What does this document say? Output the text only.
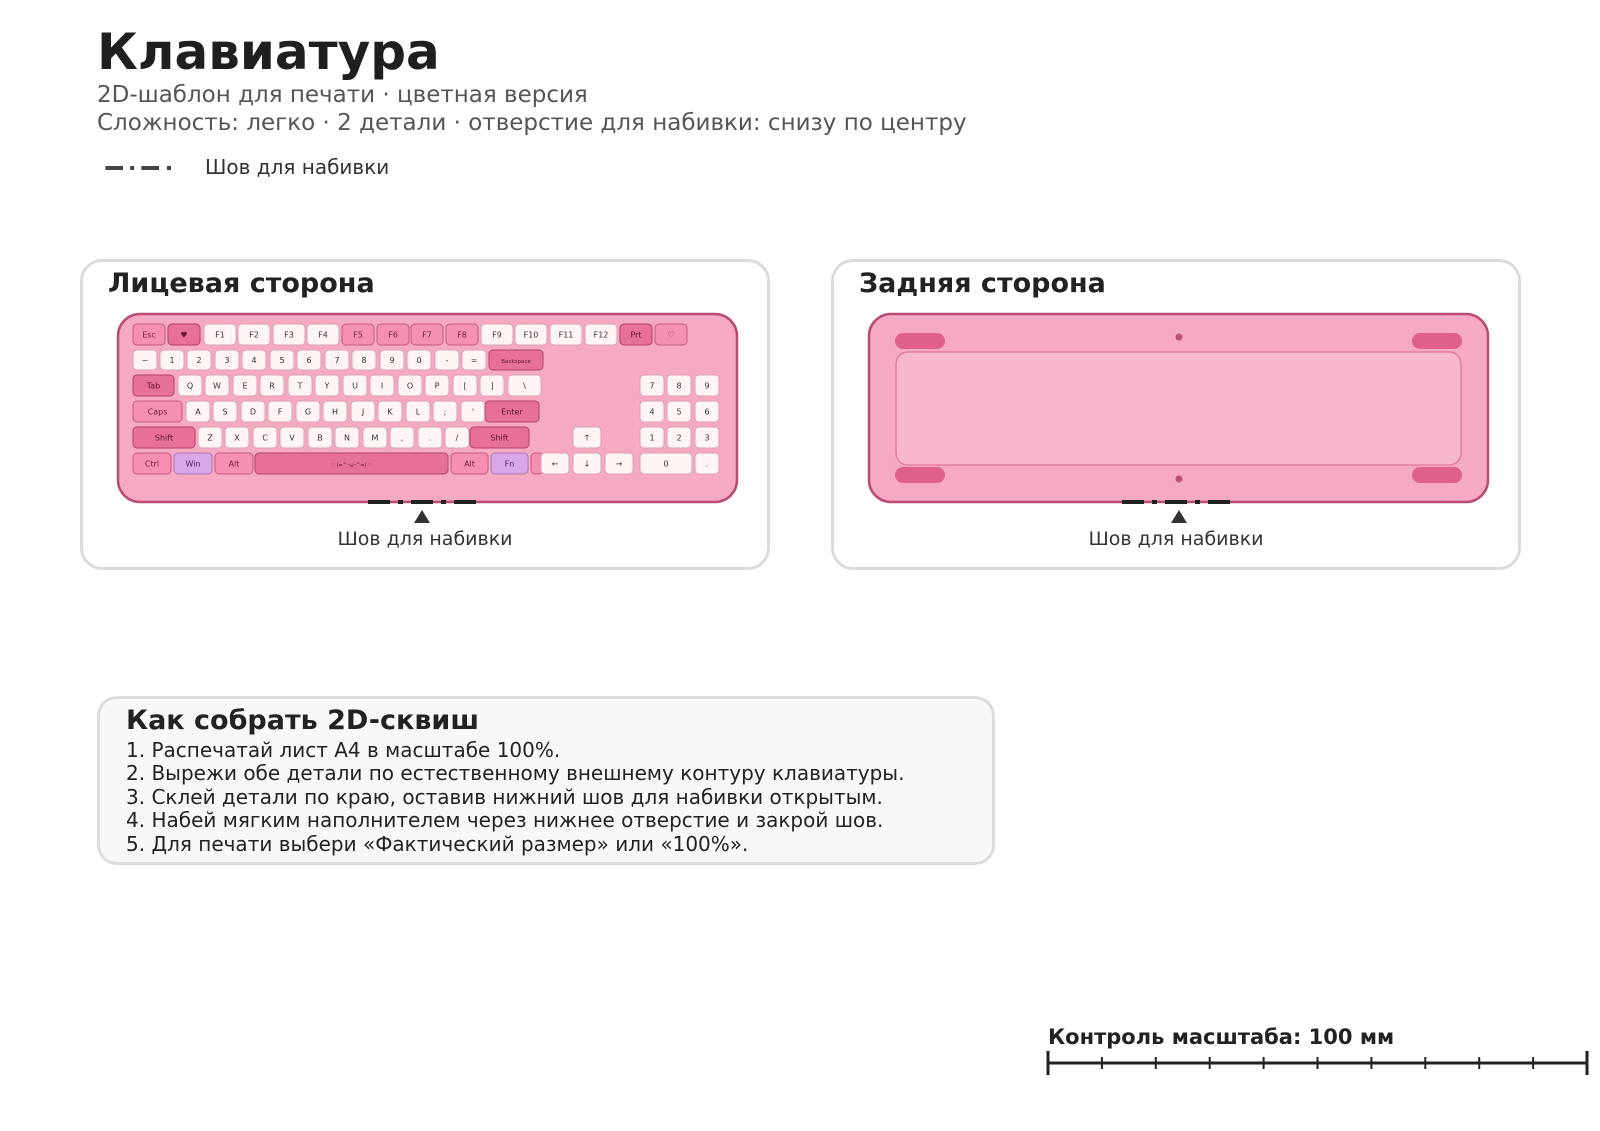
Клавиатура
2D-шаблон для печати · цветная версия
Сложность: легко · 2 детали · отверстие для набивки: снизу по центру
Шов для набивки
Лицевая сторона
Esc	♥	F1	F2	F3	F4	F5	F6	F7	F8	F9	F10	F11	F12	Prt	♡
~	1	2	3	4	5	6	7	8	9	0	-	=	Backspace
Tab	Q W	E	R	T	Y	U	I	O	P	[	]	\
Caps	A	S	D	F	G	H	J	K	L	;	'	Enter
Shift	Z	X	C	V	B	N	M	,	.	/	Shift
Ctrl	Win	Alt	♡ (=^･ω･^=) ♡	Alt	Fn
↑
←	↓	→
7	8	9
4	5	6
1	2	3
0	.
Шов для набивки
Задняя сторона
Шов для набивки
Как собрать 2D-сквиш
1. Распечатай лист А4 в масштабе 100%.
2. Вырежи обе детали по естественному внешнему контуру клавиатуры.
3. Склей детали по краю, оставив нижний шов для набивки открытым.
4. Набей мягким наполнителем через нижнее отверстие и закрой шов.
5. Для печати выбери «Фактический размер» или «100%».
Контроль масштаба: 100 мм
